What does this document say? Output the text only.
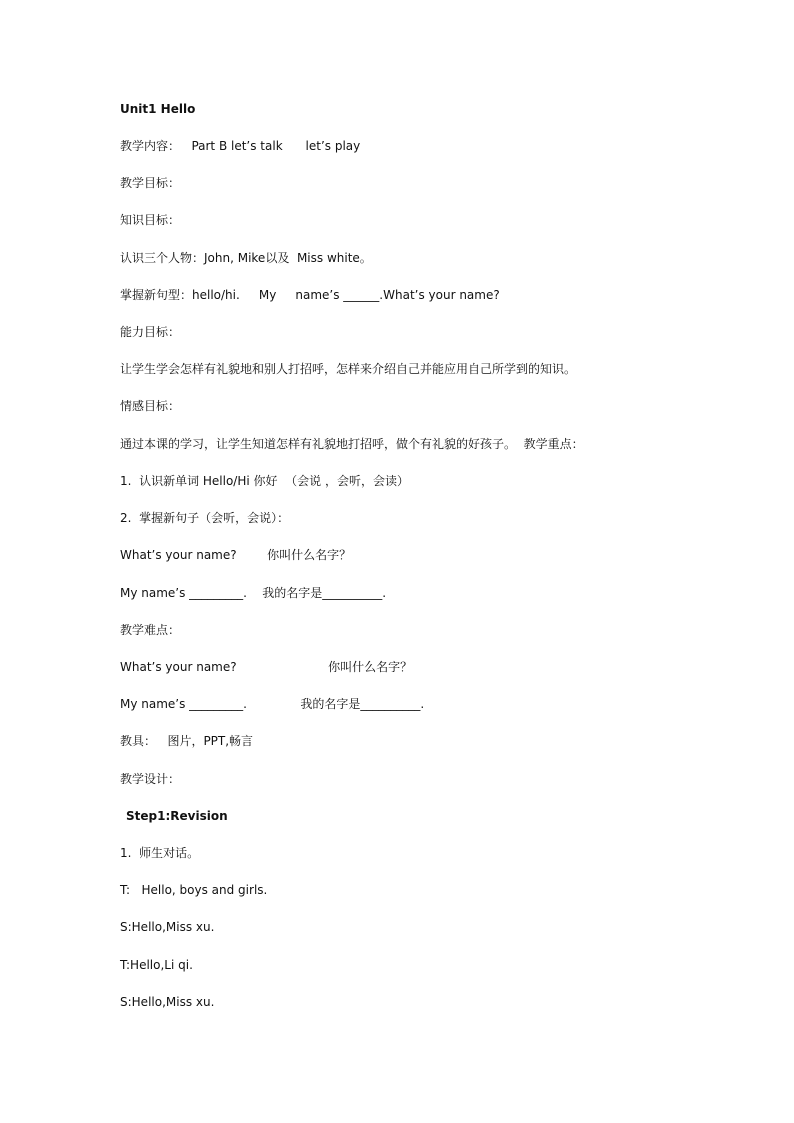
Unit1 Hello
教学内容：   Part B let’s talk      let’s play
教学目标：
知识目标：
认识三个人物：John, Mike以及  Miss white。
掌握新句型：hello/hi.     My     name’s ______.What’s your name?
能力目标：
让学生学会怎样有礼貌地和别人打招呼，怎样来介绍自己并能应用自己所学到的知识。
情感目标：
通过本课的学习，让学生知道怎样有礼貌地打招呼，做个有礼貌的好孩子。  教学重点：
1.  认识新单词 Hello/Hi 你好  （会说 ，会听，会读）
2.  掌握新句子（会听，会说）：
What’s your name?        你叫什么名字？
My name’s _________.    我的名字是__________.
教学难点：
What’s your name?                        你叫什么名字？
My name’s _________.              我的名字是__________.
教具：   图片，PPT,畅言
教学设计：
Step1:Revision
1.  师生对话。
T:   Hello, boys and girls.
S:Hello,Miss xu.
T:Hello,Li qi.
S:Hello,Miss xu.
